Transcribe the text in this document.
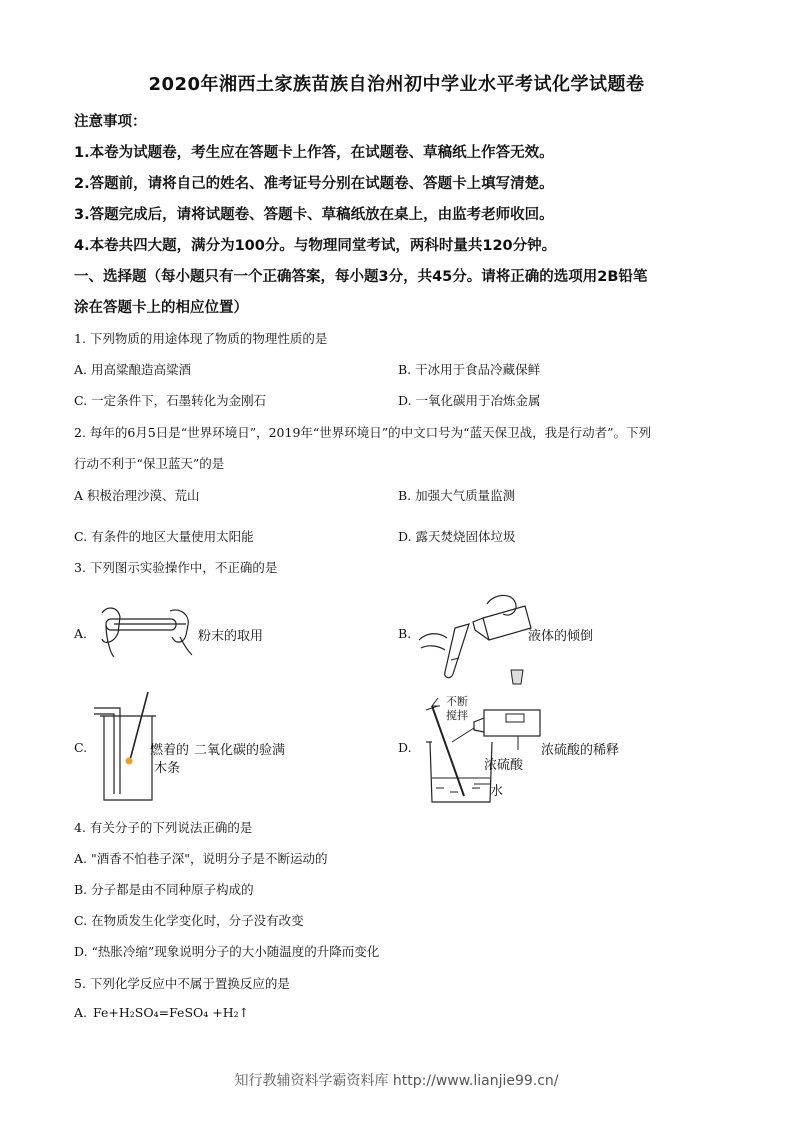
2020年湘西土家族苗族自治州初中学业水平考试化学试题卷
注意事项：
1.本卷为试题卷，考生应在答题卡上作答，在试题卷、草稿纸上作答无效。
2.答题前，请将自己的姓名、准考证号分别在试题卷、答题卡上填写清楚。
3.答题完成后，请将试题卷、答题卡、草稿纸放在桌上，由监考老师收回。
4.本卷共四大题，满分为100分。与物理同堂考试，两科时量共120分钟。
一、选择题（每小题只有一个正确答案，每小题3分，共45分。请将正确的选项用2B铅笔
涂在答题卡上的相应位置）
1. 下列物质的用途体现了物质的物理性质的是
A. 用高粱酿造高粱酒	B. 干冰用于食品冷藏保鲜
C. 一定条件下，石墨转化为金刚石	D. 一氧化碳用于冶炼金属
2. 每年的6月5日是“世界环境日”，2019年“世界环境日”的中文口号为“蓝天保卫战，我是行动者”。下列
行动不利于“保卫蓝天”的是
A 积极治理沙漠、荒山	B. 加强大气质量监测
C. 有条件的地区大量使用太阳能	D. 露天焚烧固体垃圾
3. 下列图示实验操作中，不正确的是
A.	粉末的取用	B.	液体的倾倒
C.	燃着的 二氧化碳的验满
木条
D.
不断
搅拌
浓硫酸的稀释
浓硫酸
水
4. 有关分子的下列说法正确的是
A. "酒香不怕巷子深"，说明分子是不断运动的
B. 分子都是由不同种原子构成的
C. 在物质发生化学变化时，分子没有改变
D. “热胀冷缩”现象说明分子的大小随温度的升降而变化
5. 下列化学反应中不属于置换反应的是
A. Fe+H₂SO₄=FeSO₄ +H₂↑
知行教辅资料学霸资料库 http://www.lianjie99.cn/
